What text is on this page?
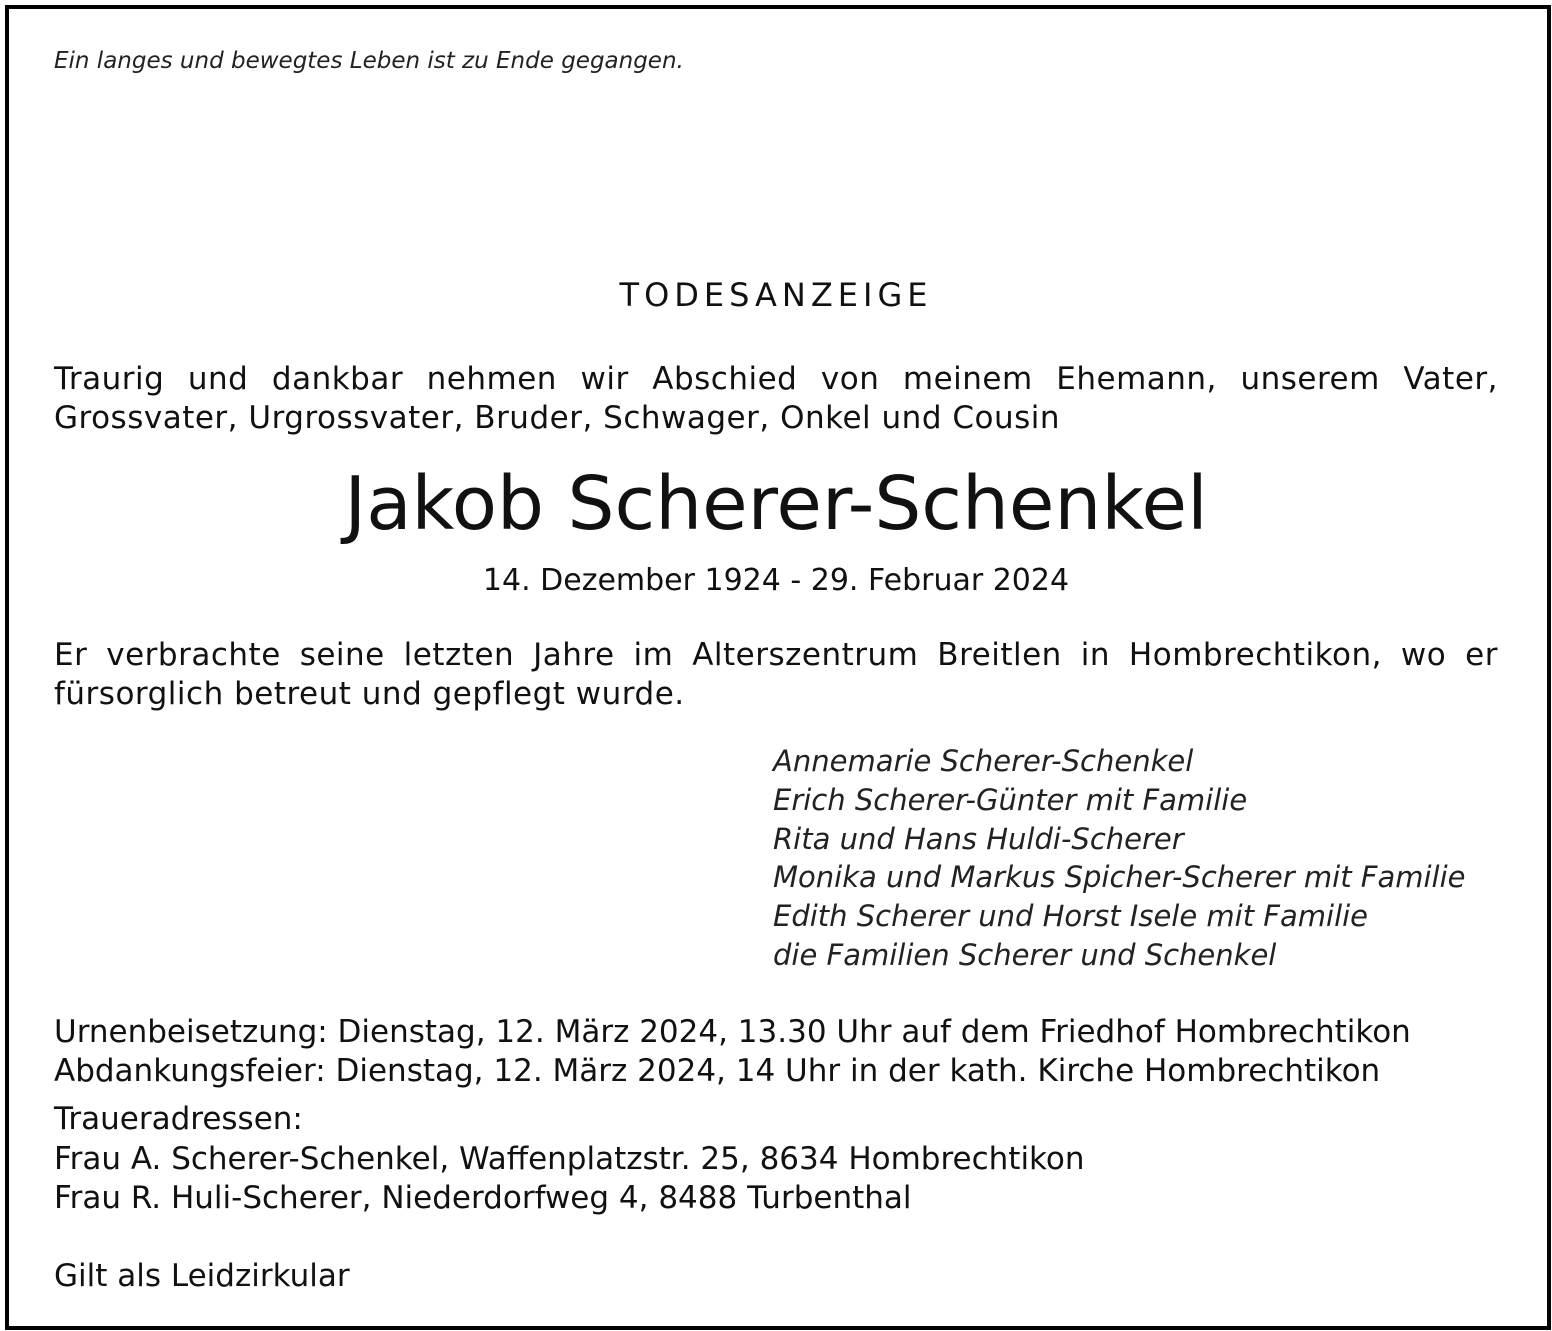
Ein langes und bewegtes Leben ist zu Ende gegangen.
TODESANZEIGE
Traurig und dankbar nehmen wir Abschied von meinem Ehemann, unserem Vater, Grossvater, Urgrossvater, Bruder, Schwager, Onkel und Cousin
Jakob Scherer-Schenkel
14. Dezember 1924 - 29. Februar 2024
Er verbrachte seine letzten Jahre im Alterszentrum Breitlen in Hombrechtikon, wo er fürsorglich betreut und gepflegt wurde.
Annemarie Scherer-Schenkel
Erich Scherer-Günter mit Familie
Rita und Hans Huldi-Scherer
Monika und Markus Spicher-Scherer mit Familie
Edith Scherer und Horst Isele mit Familie
die Familien Scherer und Schenkel
Urnenbeisetzung: Dienstag, 12. März 2024, 13.30 Uhr auf dem Friedhof Hombrechtikon
Abdankungsfeier: Dienstag, 12. März 2024, 14 Uhr in der kath. Kirche Hombrechtikon
Traueradressen:
Frau A. Scherer-Schenkel, Waffenplatzstr. 25, 8634 Hombrechtikon
Frau R. Huli-Scherer, Niederdorfweg 4, 8488 Turbenthal
Gilt als Leidzirkular
